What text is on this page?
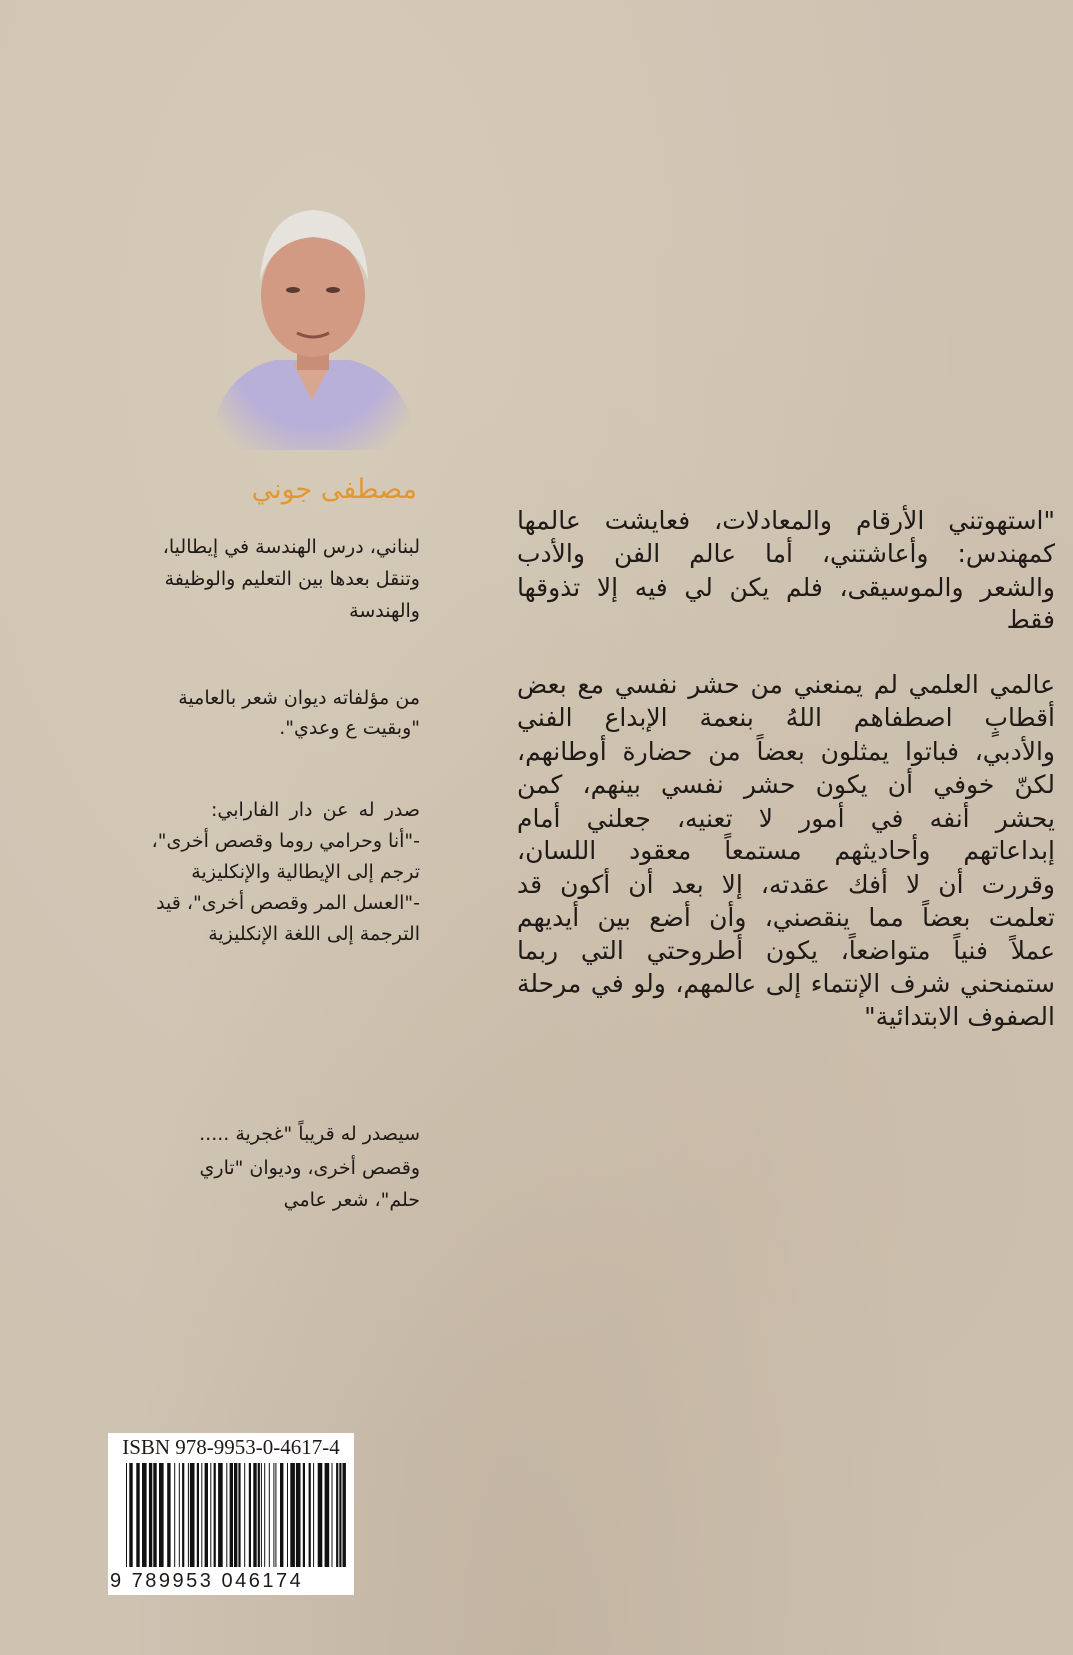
مصطفى جوني
"استهوتني الأرقام والمعادلات، فعايشت عالمها
كمهندس: وأعاشتني، أما عالم الفن والأدب
والشعر والموسيقى، فلم يكن لي فيه إلا تذوقها
فقط
عالمي العلمي لم يمنعني من حشر نفسي مع بعض
أقطابٍ اصطفاهم اللهُ بنعمة الإبداع الفني
والأدبي، فباتوا يمثلون بعضاً من حضارة أوطانهم،
لكنّ خوفي أن يكون حشر نفسي بينهم، كمن
يحشر أنفه في أمور لا تعنيه، جعلني أمام
إبداعاتهم وأحاديثهم مستمعاً معقود اللسان،
وقررت أن لا أفك عقدته، إلا بعد أن أكون قد
تعلمت بعضاً مما ينقصني، وأن أضع بين أيديهم
عملاً فنياً متواضعاً، يكون أطروحتي التي ربما
ستمنحني شرف الإنتماء إلى عالمهم، ولو في مرحلة
الصفوف الابتدائية"
لبناني، درس الهندسة في إيطاليا،
وتنقل بعدها بين التعليم والوظيفة
والهندسة
من مؤلفاته ديوان شعر بالعامية
"وبقيت ع وعدي".
صدر له عن دار الفارابي:
-"أنا وحرامي روما وقصص أخرى"،
ترجم إلى الإيطالية والإنكليزية
-"العسل المر وقصص أخرى"، قيد
الترجمة إلى اللغة الإنكليزية
سيصدر له قريباً "غجرية .....
وقصص أخرى، وديوان "تاري
حلم"، شعر عامي
ISBN 978-9953-0-4617-4
9 789953 046174
